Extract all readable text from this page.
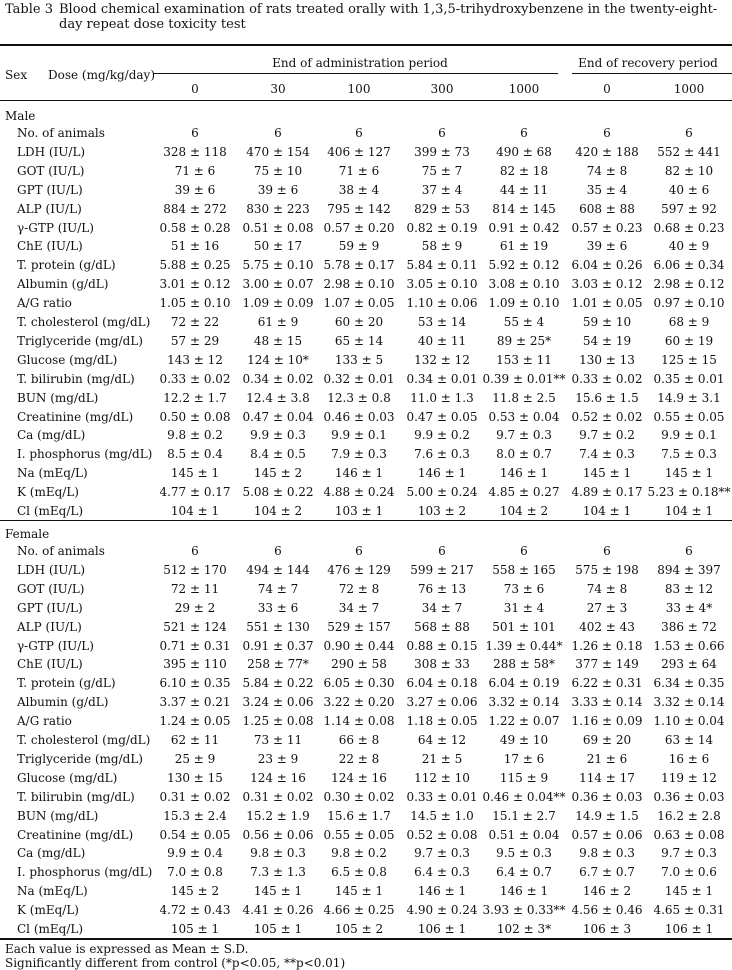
Table 3 Blood chemical examination of rats treated orally with 1,3,5-trihydroxybenzene in the twenty-eight-day repeat dose toxicity test
Sex Dose (mg/kg/day)
End of administration period	End of recovery period
0	30	100	300	1000	0	1000
Male
No. of animals	6	6	6	6	6	6	6
LDH (IU/L)	328 ± 118 470 ± 154 406 ± 127 399 ± 73 490 ± 68 420 ± 188 552 ± 441
GOT (IU/L)	71 ± 6	75 ± 10	71 ± 6	75 ± 7	82 ± 18	74 ± 8	82 ± 10
GPT (IU/L)	39 ± 6	39 ± 6	38 ± 4	37 ± 4	44 ± 11	35 ± 4	40 ± 6
ALP (IU/L)	884 ± 272 830 ± 223 795 ± 142 829 ± 53 814 ± 145 608 ± 88 597 ± 92
γ-GTP (IU/L)	0.58 ± 0.28 0.51 ± 0.08 0.57 ± 0.20 0.82 ± 0.19 0.91 ± 0.42 0.57 ± 0.23 0.68 ± 0.23
ChE (IU/L)	51 ± 16	50 ± 17	59 ± 9	58 ± 9	61 ± 19	39 ± 6	40 ± 9
T. protein (g/dL)	5.88 ± 0.25 5.75 ± 0.10 5.78 ± 0.17 5.84 ± 0.11 5.92 ± 0.12 6.04 ± 0.26 6.06 ± 0.34
Albumin (g/dL)	3.01 ± 0.12 3.00 ± 0.07 2.98 ± 0.10 3.05 ± 0.10 3.08 ± 0.10 3.03 ± 0.12 2.98 ± 0.12
A/G ratio	1.05 ± 0.10 1.09 ± 0.09 1.07 ± 0.05 1.10 ± 0.06 1.09 ± 0.10 1.01 ± 0.05 0.97 ± 0.10
T. cholesterol (mg/dL) 72 ± 22	61 ± 9	60 ± 20	53 ± 14	55 ± 4	59 ± 10	68 ± 9
Triglyceride (mg/dL) 57 ± 29	48 ± 15	65 ± 14	40 ± 11	89 ± 25*	54 ± 19	60 ± 19
Glucose (mg/dL)	143 ± 12 124 ± 10* 133 ± 5	132 ± 12 153 ± 11 130 ± 13 125 ± 15
T. bilirubin (mg/dL) 0.33 ± 0.02 0.34 ± 0.02 0.32 ± 0.01 0.34 ± 0.01 0.39 ± 0.01** 0.33 ± 0.02 0.35 ± 0.01
BUN (mg/dL)	12.2 ± 1.7 12.4 ± 3.8 12.3 ± 0.8 11.0 ± 1.3 11.8 ± 2.5 15.6 ± 1.5 14.9 ± 3.1
Creatinine (mg/dL) 0.50 ± 0.08 0.47 ± 0.04 0.46 ± 0.03 0.47 ± 0.05 0.53 ± 0.04 0.52 ± 0.02 0.55 ± 0.05
Ca (mg/dL)	9.8 ± 0.2 9.9 ± 0.3 9.9 ± 0.1 9.9 ± 0.2 9.7 ± 0.3 9.7 ± 0.2 9.9 ± 0.1
I. phosphorus (mg/dL) 8.5 ± 0.4 8.4 ± 0.5 7.9 ± 0.3 7.6 ± 0.3 8.0 ± 0.7 7.4 ± 0.3 7.5 ± 0.3
Na (mEq/L)	145 ± 1	145 ± 2	146 ± 1	146 ± 1	146 ± 1	145 ± 1	145 ± 1
K (mEq/L)	4.77 ± 0.17 5.08 ± 0.22 4.88 ± 0.24 5.00 ± 0.24 4.85 ± 0.27 4.89 ± 0.17 5.23 ± 0.18**
Cl (mEq/L)	104 ± 1	104 ± 2	103 ± 1	103 ± 2	104 ± 2	104 ± 1	104 ± 1
Female
No. of animals	6	6	6	6	6	6	6
LDH (IU/L)	512 ± 170 494 ± 144 476 ± 129 599 ± 217 558 ± 165 575 ± 198 894 ± 397
GOT (IU/L)	72 ± 11	74 ± 7	72 ± 8	76 ± 13	73 ± 6	74 ± 8	83 ± 12
GPT (IU/L)	29 ± 2	33 ± 6	34 ± 7	34 ± 7	31 ± 4	27 ± 3	33 ± 4*
ALP (IU/L)	521 ± 124 551 ± 130 529 ± 157 568 ± 88 501 ± 101 402 ± 43 386 ± 72
γ-GTP (IU/L)	0.71 ± 0.31 0.91 ± 0.37 0.90 ± 0.44 0.88 ± 0.15 1.39 ± 0.44* 1.26 ± 0.18 1.53 ± 0.66
ChE (IU/L)	395 ± 110 258 ± 77* 290 ± 58 308 ± 33 288 ± 58* 377 ± 149 293 ± 64
T. protein (g/dL)	6.10 ± 0.35 5.84 ± 0.22 6.05 ± 0.30 6.04 ± 0.18 6.04 ± 0.19 6.22 ± 0.31 6.34 ± 0.35
Albumin (g/dL)	3.37 ± 0.21 3.24 ± 0.06 3.22 ± 0.20 3.27 ± 0.06 3.32 ± 0.14 3.33 ± 0.14 3.32 ± 0.14
A/G ratio	1.24 ± 0.05 1.25 ± 0.08 1.14 ± 0.08 1.18 ± 0.05 1.22 ± 0.07 1.16 ± 0.09 1.10 ± 0.04
T. cholesterol (mg/dL) 62 ± 11	73 ± 11	66 ± 8	64 ± 12	49 ± 10	69 ± 20	63 ± 14
Triglyceride (mg/dL)	25 ± 9	23 ± 9	22 ± 8	21 ± 5	17 ± 6	21 ± 6	16 ± 6
Glucose (mg/dL)	130 ± 15 124 ± 16 124 ± 16 112 ± 10 115 ± 9	114 ± 17 119 ± 12
T. bilirubin (mg/dL) 0.31 ± 0.02 0.31 ± 0.02 0.30 ± 0.02 0.33 ± 0.01 0.46 ± 0.04** 0.36 ± 0.03 0.36 ± 0.03
BUN (mg/dL)	15.3 ± 2.4 15.2 ± 1.9 15.6 ± 1.7 14.5 ± 1.0 15.1 ± 2.7 14.9 ± 1.5 16.2 ± 2.8
Creatinine (mg/dL) 0.54 ± 0.05 0.56 ± 0.06 0.55 ± 0.05 0.52 ± 0.08 0.51 ± 0.04 0.57 ± 0.06 0.63 ± 0.08
Ca (mg/dL)	9.9 ± 0.4 9.8 ± 0.3 9.8 ± 0.2 9.7 ± 0.3 9.5 ± 0.3 9.8 ± 0.3 9.7 ± 0.3
I. phosphorus (mg/dL) 7.0 ± 0.8 7.3 ± 1.3 6.5 ± 0.8 6.4 ± 0.3 6.4 ± 0.7 6.7 ± 0.7 7.0 ± 0.6
Na (mEq/L)	145 ± 2	145 ± 1	145 ± 1	146 ± 1	146 ± 1	146 ± 2	145 ± 1
K (mEq/L)	4.72 ± 0.43 4.41 ± 0.26 4.66 ± 0.25 4.90 ± 0.24 3.93 ± 0.33** 4.56 ± 0.46 4.65 ± 0.31
Cl (mEq/L)	105 ± 1	105 ± 1	105 ± 2	106 ± 1	102 ± 3*	106 ± 3	106 ± 1
Each value is expressed as Mean ± S.D.
Significantly different from control (*p<0.05, **p<0.01)
